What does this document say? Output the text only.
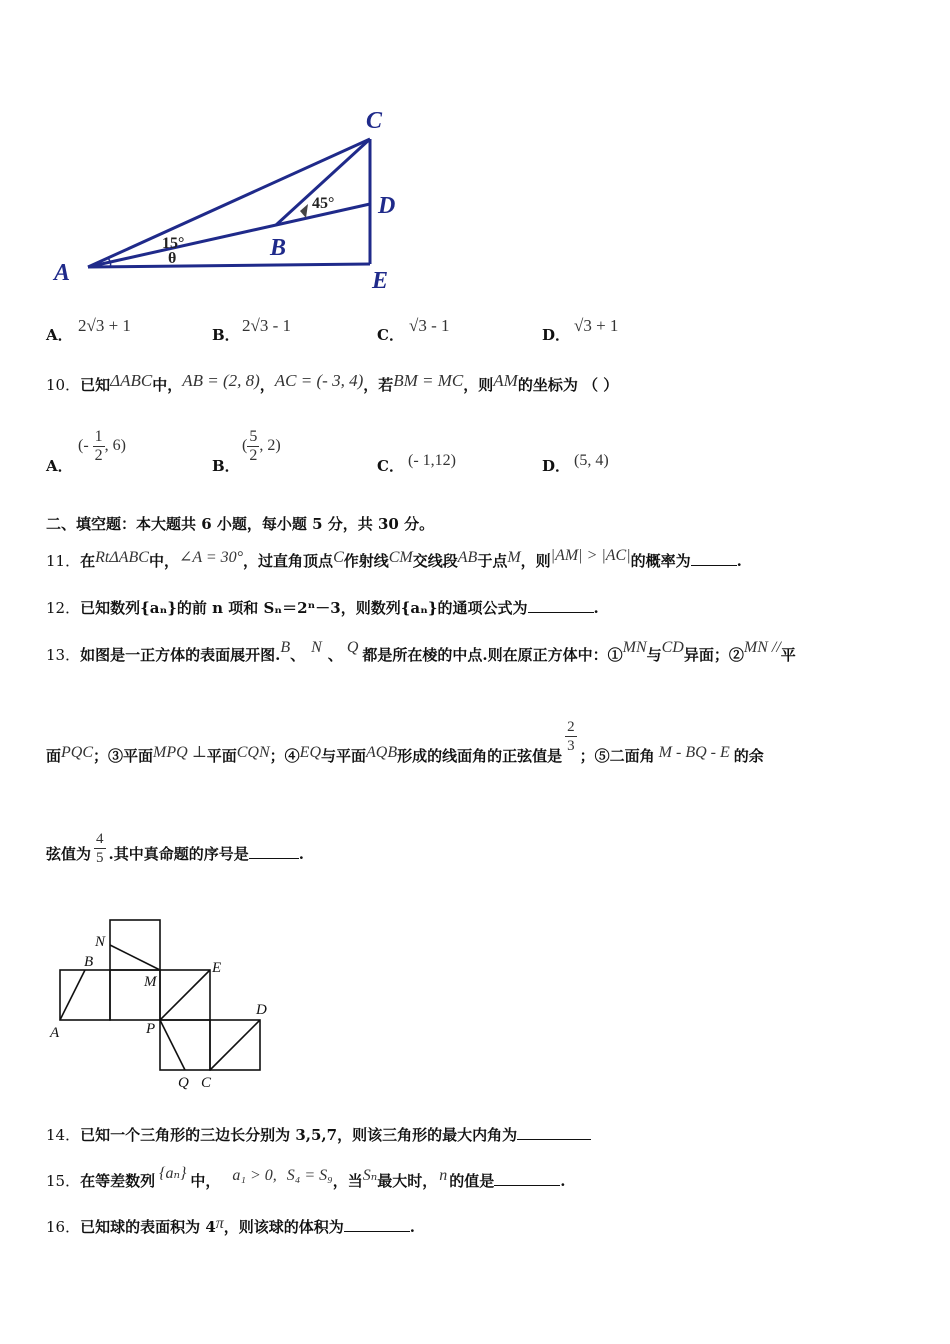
C
D
A
B
E
45°
15°
θ
A． 2√3 + 1	B． 2√3 - 1	C． √3 - 1	D． √3 + 1
10．已知ΔABC中，AB = (2, 8)，AC = (- 3, 4)，若BM = MC，则AM的坐标为 （ ）
A．
(- $\frac{1}{2}$ , 6)
B．
( $\frac{5}{2}$ , 2)
C． (- 1,12)	D． (5, 4)
二、填空题：本大题共 6 小题，每小题 5 分，共 30 分。
11．在RtΔABC中，∠A = 30°，过直角顶点C作射线CM交线段AB于点M，则|AM| > |AC|的概率为	.
12．已知数列{aₙ}的前 n 项和 Sₙ＝2ⁿ－3，则数列{aₙ}的通项公式为	.
13．如图是一正方体的表面展开图.B、 N 、 Q 都是所在棱的中点.则在原正方体中：①MN与CD异面；②MN //平
面PQC；③平面MPQ ⊥平面CQN；④EQ与平面AQB形成的线面角的正弦值是
$\frac{2}{3}$
；⑤二面角 M - BQ - E 的余
弦值为 $\frac{4}{5}$ .其中真命题的序号是	.
N
B
M
E
A	P
D
Q C
14．已知一个三角形的三边长分别为 3,5,7，则该三角形的最大内角为
15．在等差数列 {aₙ} 中， a₁ > 0, S₄ = S₉，当Sₙ最大时， n 的值是	.
16．已知球的表面积为 4π，则该球的体积为	.
